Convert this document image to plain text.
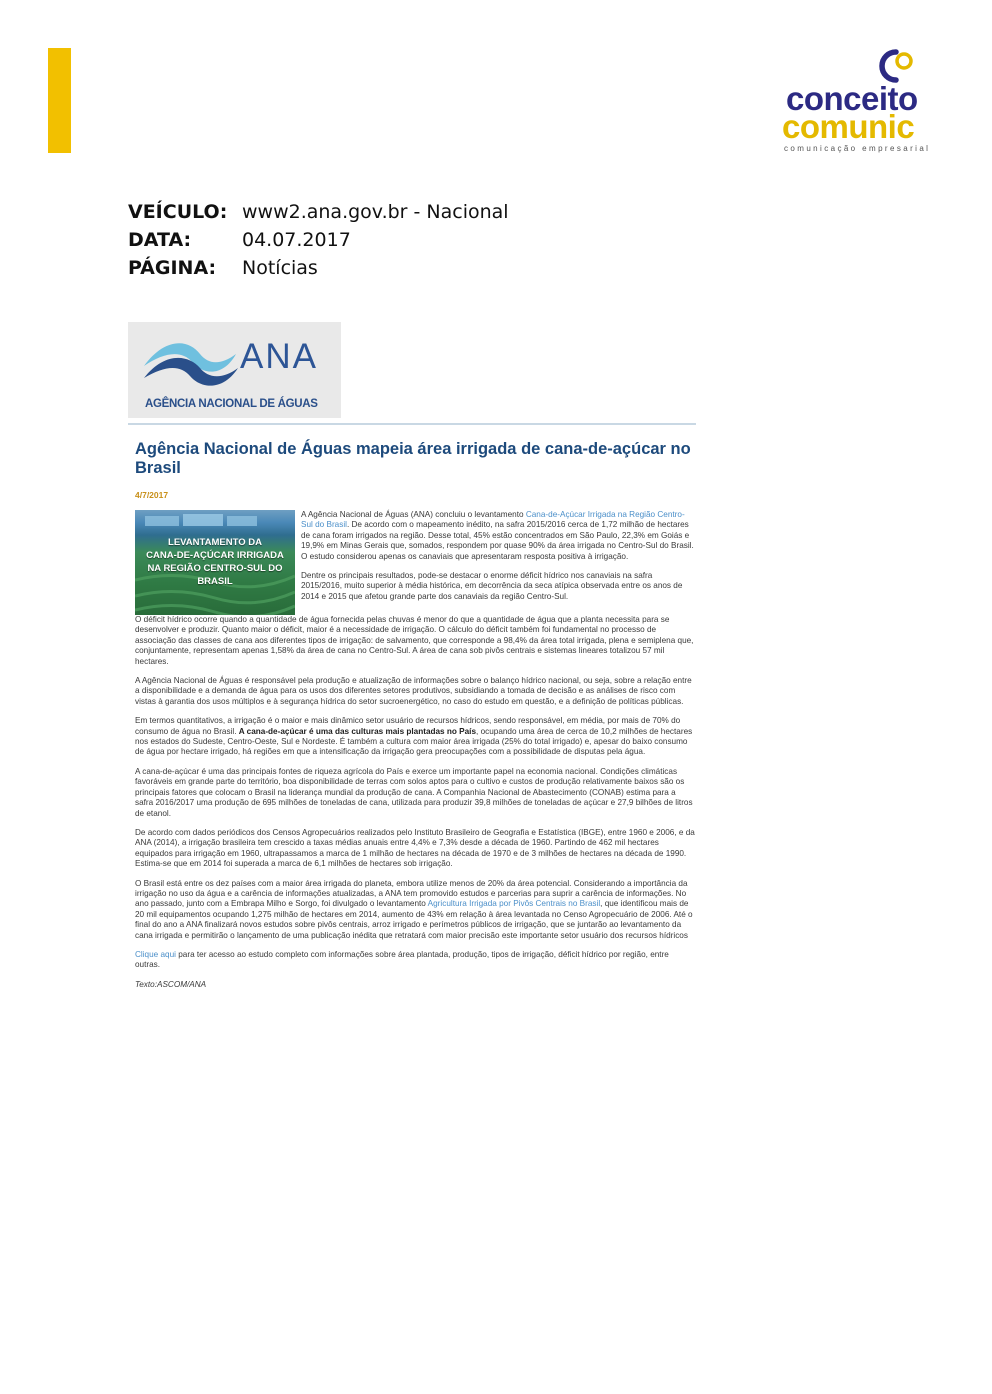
conceito
comunic
comunicação empresarial
VEÍCULO: www2.ana.gov.br - Nacional
DATA:	04.07.2017
PÁGINA:	Notícias
ANA
AGÊNCIA NACIONAL DE ÁGUAS
Agência Nacional de Águas mapeia área irrigada de cana-de-açúcar no Brasil
4/7/2017
LEVANTAMENTO DA
CANA-DE-AÇÚCAR IRRIGADA
NA REGIÃO CENTRO-SUL DO BRASIL

A Agência Nacional de Águas (ANA) concluiu o levantamento Cana-de-Açúcar Irrigada na Região Centro-Sul do Brasil. De acordo com o mapeamento inédito, na safra 2015/2016 cerca de 1,72 milhão de hectares de cana foram irrigados na região. Desse total, 45% estão concentrados em São Paulo, 22,3% em Goiás e 19,9% em Minas Gerais que, somados, respondem por quase 90% da área irrigada no Centro-Sul do Brasil. O estudo considerou apenas os canaviais que apresentaram resposta positiva à irrigação.

Dentre os principais resultados, pode-se destacar o enorme déficit hídrico nos canaviais na safra 2015/2016, muito superior à média histórica, em decorrência da seca atípica observada entre os anos de 2014 e 2015 que afetou grande parte dos canaviais da região Centro-Sul.

O déficit hídrico ocorre quando a quantidade de água fornecida pelas chuvas é menor do que a quantidade de água que a planta necessita para se desenvolver e produzir. Quanto maior o déficit, maior é a necessidade de irrigação. O cálculo do déficit também foi fundamental no processo de associação das classes de cana aos diferentes tipos de irrigação: de salvamento, que corresponde a 98,4% da área total irrigada, plena e semiplena que, conjuntamente, representam apenas 1,58% da área de cana no Centro-Sul. A área de cana sob pivôs centrais e sistemas lineares totalizou 57 mil hectares.

A Agência Nacional de Águas é responsável pela produção e atualização de informações sobre o balanço hídrico nacional, ou seja, sobre a relação entre a disponibilidade e a demanda de água para os usos dos diferentes setores produtivos, subsidiando a tomada de decisão e as análises de risco com vistas à garantia dos usos múltiplos e à segurança hídrica do setor sucroenergético, no caso do estudo em questão, e a definição de políticas públicas.

Em termos quantitativos, a irrigação é o maior e mais dinâmico setor usuário de recursos hídricos, sendo responsável, em média, por mais de 70% do consumo de água no Brasil. A cana-de-açúcar é uma das culturas mais plantadas no País, ocupando uma área de cerca de 10,2 milhões de hectares nos estados do Sudeste, Centro-Oeste, Sul e Nordeste. É também a cultura com maior área irrigada (25% do total irrigado) e, apesar do baixo consumo de água por hectare irrigado, há regiões em que a intensificação da irrigação gera preocupações com a possibilidade de disputas pela água.

A cana-de-açúcar é uma das principais fontes de riqueza agrícola do País e exerce um importante papel na economia nacional. Condições climáticas favoráveis em grande parte do território, boa disponibilidade de terras com solos aptos para o cultivo e custos de produção relativamente baixos são os principais fatores que colocam o Brasil na liderança mundial da produção de cana. A Companhia Nacional de Abastecimento (CONAB) estima para a safra 2016/2017 uma produção de 695 milhões de toneladas de cana, utilizada para produzir 39,8 milhões de toneladas de açúcar e 27,9 bilhões de litros de etanol.

De acordo com dados periódicos dos Censos Agropecuários realizados pelo Instituto Brasileiro de Geografia e Estatística (IBGE), entre 1960 e 2006, e da ANA (2014), a irrigação brasileira tem crescido a taxas médias anuais entre 4,4% e 7,3% desde a década de 1960. Partindo de 462 mil hectares equipados para irrigação em 1960, ultrapassamos a marca de 1 milhão de hectares na década de 1970 e de 3 milhões de hectares na década de 1990. Estima-se que em 2014 foi superada a marca de 6,1 milhões de hectares sob irrigação.

O Brasil está entre os dez países com a maior área irrigada do planeta, embora utilize menos de 20% da área potencial. Considerando a importância da irrigação no uso da água e a carência de informações atualizadas, a ANA tem promovido estudos e parcerias para suprir a carência de informações. No ano passado, junto com a Embrapa Milho e Sorgo, foi divulgado o levantamento Agricultura Irrigada por Pivôs Centrais no Brasil, que identificou mais de 20 mil equipamentos ocupando 1,275 milhão de hectares em 2014, aumento de 43% em relação à área levantada no Censo Agropecuário de 2006. Até o final do ano a ANA finalizará novos estudos sobre pivôs centrais, arroz irrigado e perímetros públicos de irrigação, que se juntarão ao levantamento da cana irrigada e permitirão o lançamento de uma publicação inédita que retratará com maior precisão este importante setor usuário dos recursos hídricos

Clique aqui para ter acesso ao estudo completo com informações sobre área plantada, produção, tipos de irrigação, déficit hídrico por região, entre outras.

Texto:ASCOM/ANA
